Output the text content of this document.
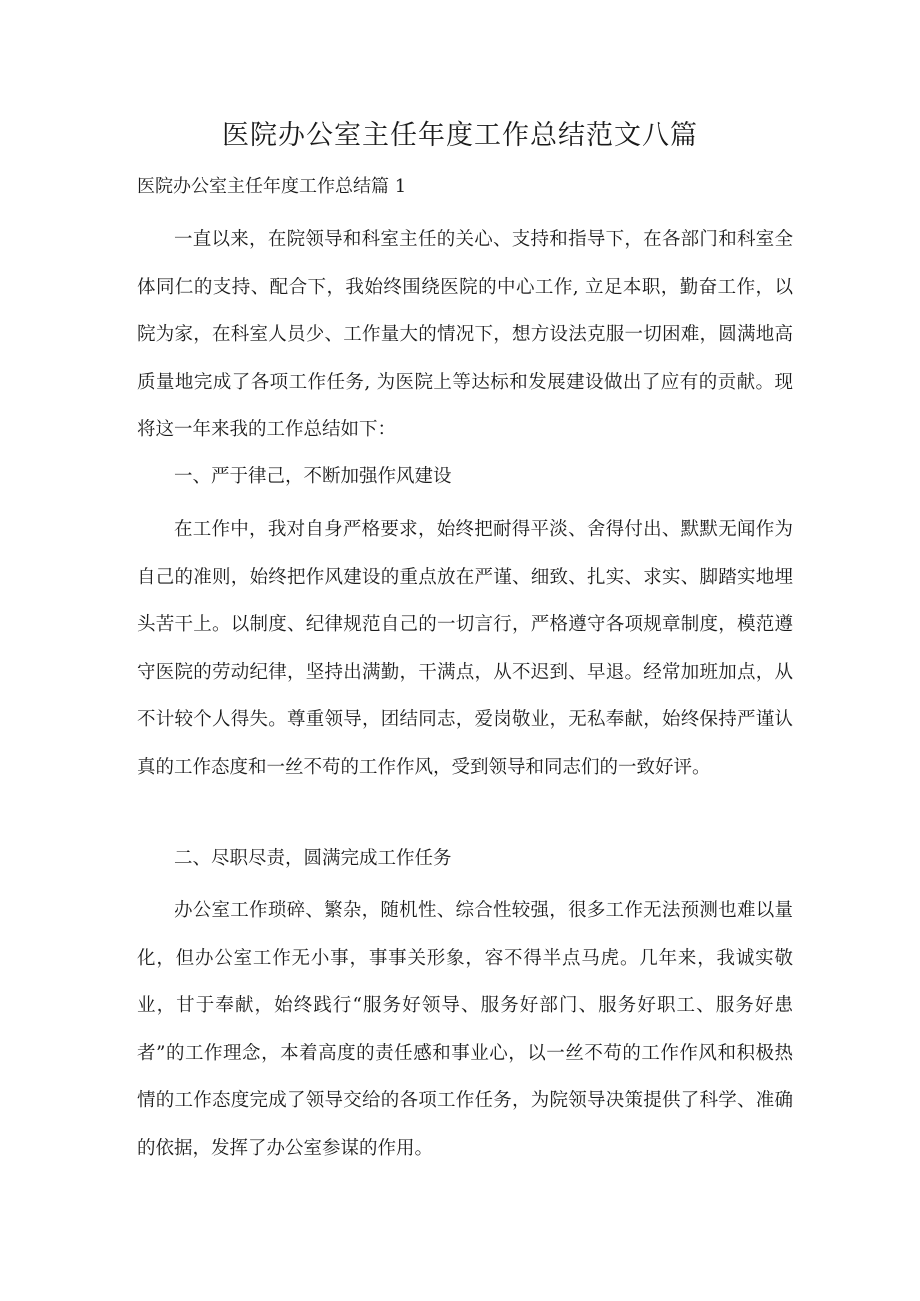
医院办公室主任年度工作总结范文八篇

医院办公室主任年度工作总结篇 1

一直以来，在院领导和科室主任的关心、支持和指导下，在各部门和科室全体同仁的支持、配合下，我始终围绕医院的中心工作, 立足本职，勤奋工作，以院为家，在科室人员少、工作量大的情况下，想方设法克服一切困难，圆满地高质量地完成了各项工作任务, 为医院上等达标和发展建设做出了应有的贡献。现将这一年来我的工作总结如下：

一、严于律己，不断加强作风建设

在工作中，我对自身严格要求，始终把耐得平淡、舍得付出、默默无闻作为自己的准则，始终把作风建设的重点放在严谨、细致、扎实、求实、脚踏实地埋头苦干上。以制度、纪律规范自己的一切言行，严格遵守各项规章制度，模范遵守医院的劳动纪律，坚持出满勤，干满点，从不迟到、早退。经常加班加点，从不计较个人得失。尊重领导，团结同志，爱岗敬业，无私奉献，始终保持严谨认真的工作态度和一丝不苟的工作作风，受到领导和同志们的一致好评。

二、尽职尽责，圆满完成工作任务

办公室工作琐碎、繁杂，随机性、综合性较强，很多工作无法预测也难以量化，但办公室工作无小事，事事关形象，容不得半点马虎。几年来，我诚实敬业，甘于奉献，始终践行“服务好领导、服务好部门、服务好职工、服务好患者”的工作理念，本着高度的责任感和事业心，以一丝不苟的工作作风和积极热情的工作态度完成了领导交给的各项工作任务，为院领导决策提供了科学、准确的依据，发挥了办公室参谋的作用。
